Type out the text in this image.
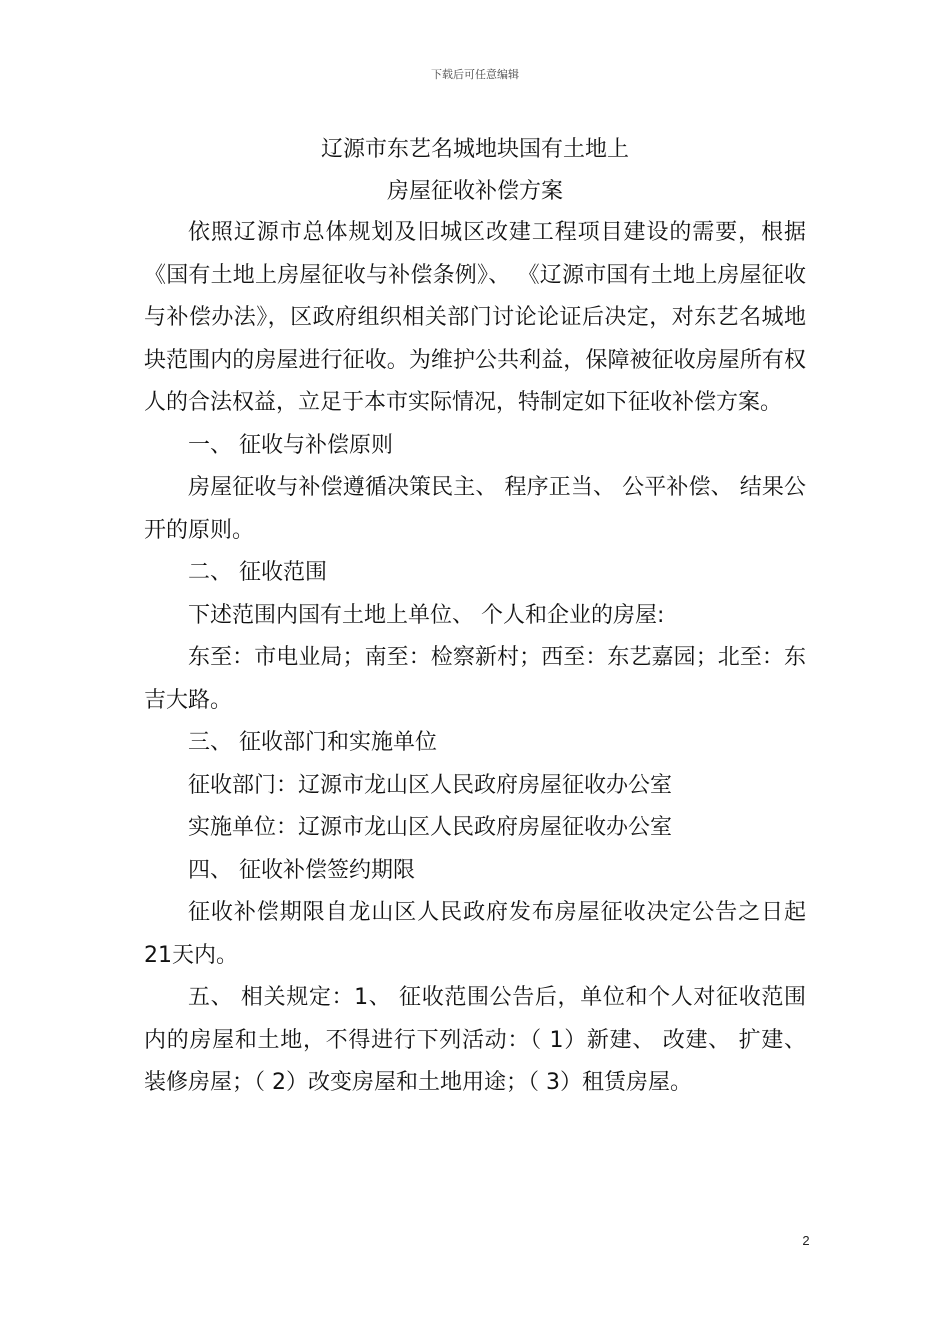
下载后可任意编辑
辽源市东艺名城地块国有土地上
房屋征收补偿方案

依照辽源市总体规划及旧城区改建工程项目建设的需要，根据《国有土地上房屋征收与补偿条例》、 《辽源市国有土地上房屋征收与补偿办法》，区政府组织相关部门讨论论证后决定，对东艺名城地块范围内的房屋进行征收。为维护公共利益，保障被征收房屋所有权人的合法权益，立足于本市实际情况，特制定如下征收补偿方案。

一、 征收与补偿原则

房屋征收与补偿遵循决策民主、 程序正当、 公平补偿、 结果公开的原则。

二、 征收范围

下述范围内国有土地上单位、 个人和企业的房屋:

东至：市电业局；南至：检察新村；西至：东艺嘉园；北至：东吉大路。

三、 征收部门和实施单位

征收部门：辽源市龙山区人民政府房屋征收办公室

实施单位：辽源市龙山区人民政府房屋征收办公室

四、 征收补偿签约期限

征收补偿期限自龙山区人民政府发布房屋征收决定公告之日起21天内。

五、 相关规定：1、 征收范围公告后，单位和个人对征收范围内的房屋和土地，不得进行下列活动：（ 1）新建、 改建、 扩建、 装修房屋；（ 2）改变房屋和土地用途；（ 3）租赁房屋。

2
